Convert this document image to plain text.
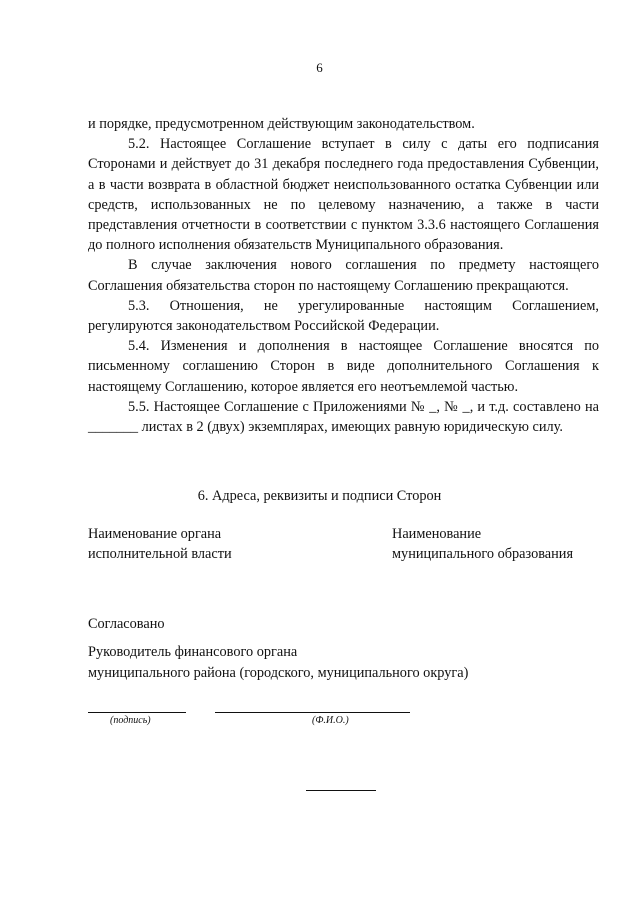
6

и порядке, предусмотренном действующим законодательством.

5.2. Настоящее Соглашение вступает в силу с даты его подписания Сторонами и действует до 31 декабря последнего года предоставления Субвенции, а в части возврата в областной бюджет неиспользованного остатка Субвенции или средств, использованных не по целевому назначению, а также в части представления отчетности в соответствии с пунктом 3.3.6 настоящего Соглашения до полного исполнения обязательств Муниципального образования.

В случае заключения нового соглашения по предмету настоящего Соглашения обязательства сторон по настоящему Соглашению прекращаются.

5.3. Отношения, не урегулированные настоящим Соглашением, регулируются законодательством Российской Федерации.

5.4. Изменения и дополнения в настоящее Соглашение вносятся по письменному соглашению Сторон в виде дополнительного Соглашения к настоящему Соглашению, которое является его неотъемлемой частью.

5.5. Настоящее Соглашение с Приложениями № _, № _, и т.д. составлено на _______ листах в 2 (двух) экземплярах, имеющих равную юридическую силу.

6. Адреса, реквизиты и подписи Сторон
Наименование органа
исполнительной власти
Наименование
муниципального образования
Согласовано
Руководитель финансового органа
муниципального района (городского, муниципального округа)
(подпись)	(Ф.И.О.)
